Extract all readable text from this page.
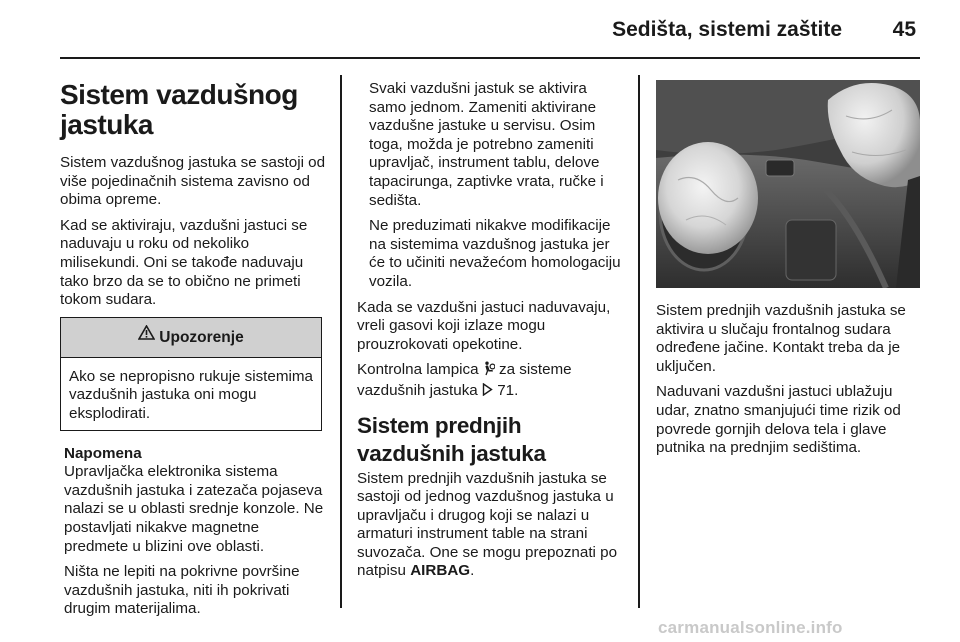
Sedišta, sistemi zaštite 45
Sistem vazdušnog jastuka

Sistem vazdušnog jastuka se sastoji od više pojedinačnih sistema zavisno od obima opreme.

Kad se aktiviraju, vazdušni jastuci se naduvaju u roku od nekoliko milisekundi. Oni se takođe naduvaju tako brzo da se to obično ne primeti tokom sudara.

Upozorenje
Ako se nepropisno rukuje sistemima vazdušnih jastuka oni mogu eksplodirati.
Napomena

Upravljačka elektronika sistema vazdušnih jastuka i zatezača pojaseva nalazi se u oblasti srednje konzole. Ne postavljati nikakve magnetne predmete u blizini ove oblasti.

Ništa ne lepiti na pokrivne površine vazdušnih jastuka, niti ih pokrivati drugim materijalima.

Svaki vazdušni jastuk se aktivira samo jednom. Zameniti aktivirane vazdušne jastuke u servisu. Osim toga, možda je potrebno zameniti upravljač, instrument tablu, delove tapacirunga, zaptivke vrata, ručke i sedišta.

Ne preduzimati nikakve modifikacije na sistemima vazdušnog jastuka jer će to učiniti nevažećom homologaciju vozila.

Kada se vazdušni jastuci naduvavaju, vreli gasovi koji izlaze mogu prouzrokovati opekotine.

Kontrolna lampica za sisteme vazdušnih jastuka 71.

Sistem prednjih vazdušnih jastuka

Sistem prednjih vazdušnih jastuka se sastoji od jednog vazdušnog jastuka u upravljaču i drugog koji se nalazi u armaturi instrument table na strani suvozača. One se mogu prepoznati po natpisu AIRBAG.

Sistem prednjih vazdušnih jastuka se aktivira u slučaju frontalnog sudara određene jačine. Kontakt treba da je uključen.

Naduvani vazdušni jastuci ublažuju udar, znatno smanjujući time rizik od povrede gornjih delova tela i glave putnika na prednjim sedištima.

carmanualsonline.info
